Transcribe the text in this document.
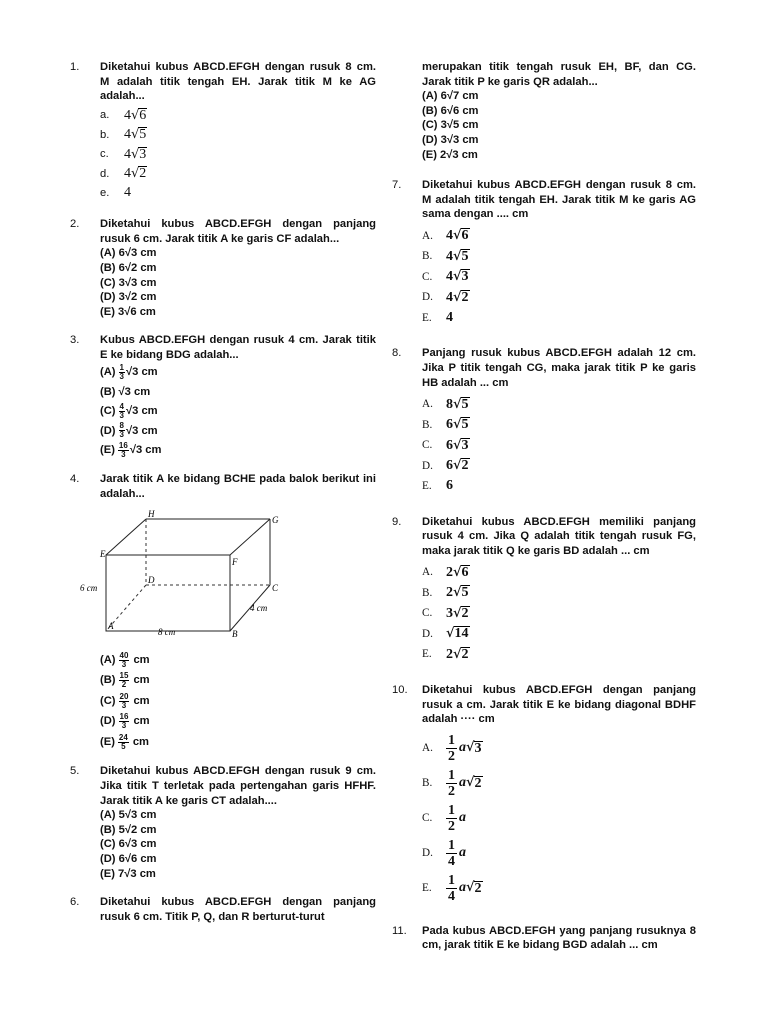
1.	Diketahui kubus ABCD.EFGH dengan rusuk 8 cm. M adalah titik tengah EH. Jarak titik M ke AG adalah...
a.	4√6
b.	4√5
c.	4√3
d.	4√2
e.	4
2.	Diketahui kubus ABCD.EFGH dengan panjang rusuk 6 cm. Jarak titik A ke garis CF adalah...
(A) 6√3 cm
(B) 6√2 cm
(C) 3√3 cm
(D) 3√2 cm
(E) 3√6 cm
3.	Kubus ABCD.EFGH dengan rusuk 4 cm. Jarak titik E ke bidang BDG adalah...
$(A) \frac{1}{3} √3$ cm
(B) √3 cm
$(C) \frac{4}{3} √3$ cm
$(D) \frac{8}{3} √3$ cm
$(E) \frac{16}{3} √3$ cm
4.	Jarak titik A ke bidang BCHE pada balok berikut ini adalah...
H
G
E
F
D
C
A
B
6 cm
8 cm
4 cm
$(A) \frac{40}{3}$ cm
$(B) \frac{15}{2}$ cm
$(C) \frac{20}{3}$ cm
$(D) \frac{16}{3}$ cm
$(E) \frac{24}{5}$ cm
5.	Diketahui kubus ABCD.EFGH dengan rusuk 9 cm. Jika titik T terletak pada pertengahan garis HFHF. Jarak titik A ke garis CT adalah....
(A) 5√3 cm
(B) 5√2 cm
(C) 6√3 cm
(D) 6√6 cm
(E) 7√3 cm
6.	Diketahui kubus ABCD.EFGH dengan panjang rusuk 6 cm. Titik P, Q, dan R berturut-turut
merupakan titik tengah rusuk EH, BF, dan CG. Jarak titik P ke garis QR adalah...
(A) 6√7 cm
(B) 6√6 cm
(C) 3√5 cm
(D) 3√3 cm
(E) 2√3 cm
7.	Diketahui kubus ABCD.EFGH dengan rusuk 8 cm. M adalah titik tengah EH. Jarak titik M ke garis AG sama dengan .... cm
A. 4√6
B. 4√5
C. 4√3
D. 4√2
E.	4
8.	Panjang rusuk kubus ABCD.EFGH adalah 12 cm. Jika P titik tengah CG, maka jarak titik P ke garis HB adalah ... cm
A. 8√5
B. 6√5
C. 6√3
D. 6√2
E.	6
9.	Diketahui kubus ABCD.EFGH memiliki panjang rusuk 4 cm. Jika Q adalah titik tengah rusuk FG, maka jarak titik Q ke garis BD adalah ... cm
A. 2√6
B. 2√5
C. 3√2
D.	√14
E.	2√2
10.	Diketahui kubus ABCD.EFGH dengan panjang rusuk a cm. Jarak titik E ke bidang diagonal BDHF adalah ···· cm
A. $\frac{1}{2}$ a √ 3
B. $\frac{1}{2}$ a √ 2
C. $\frac{1}{2}$ a
D. $\frac{1}{4}$ a
E.	$\frac{1}{4}$ a √ 2
11.	Pada kubus ABCD.EFGH yang panjang rusuknya 8 cm, jarak titik E ke bidang BGD adalah ... cm
